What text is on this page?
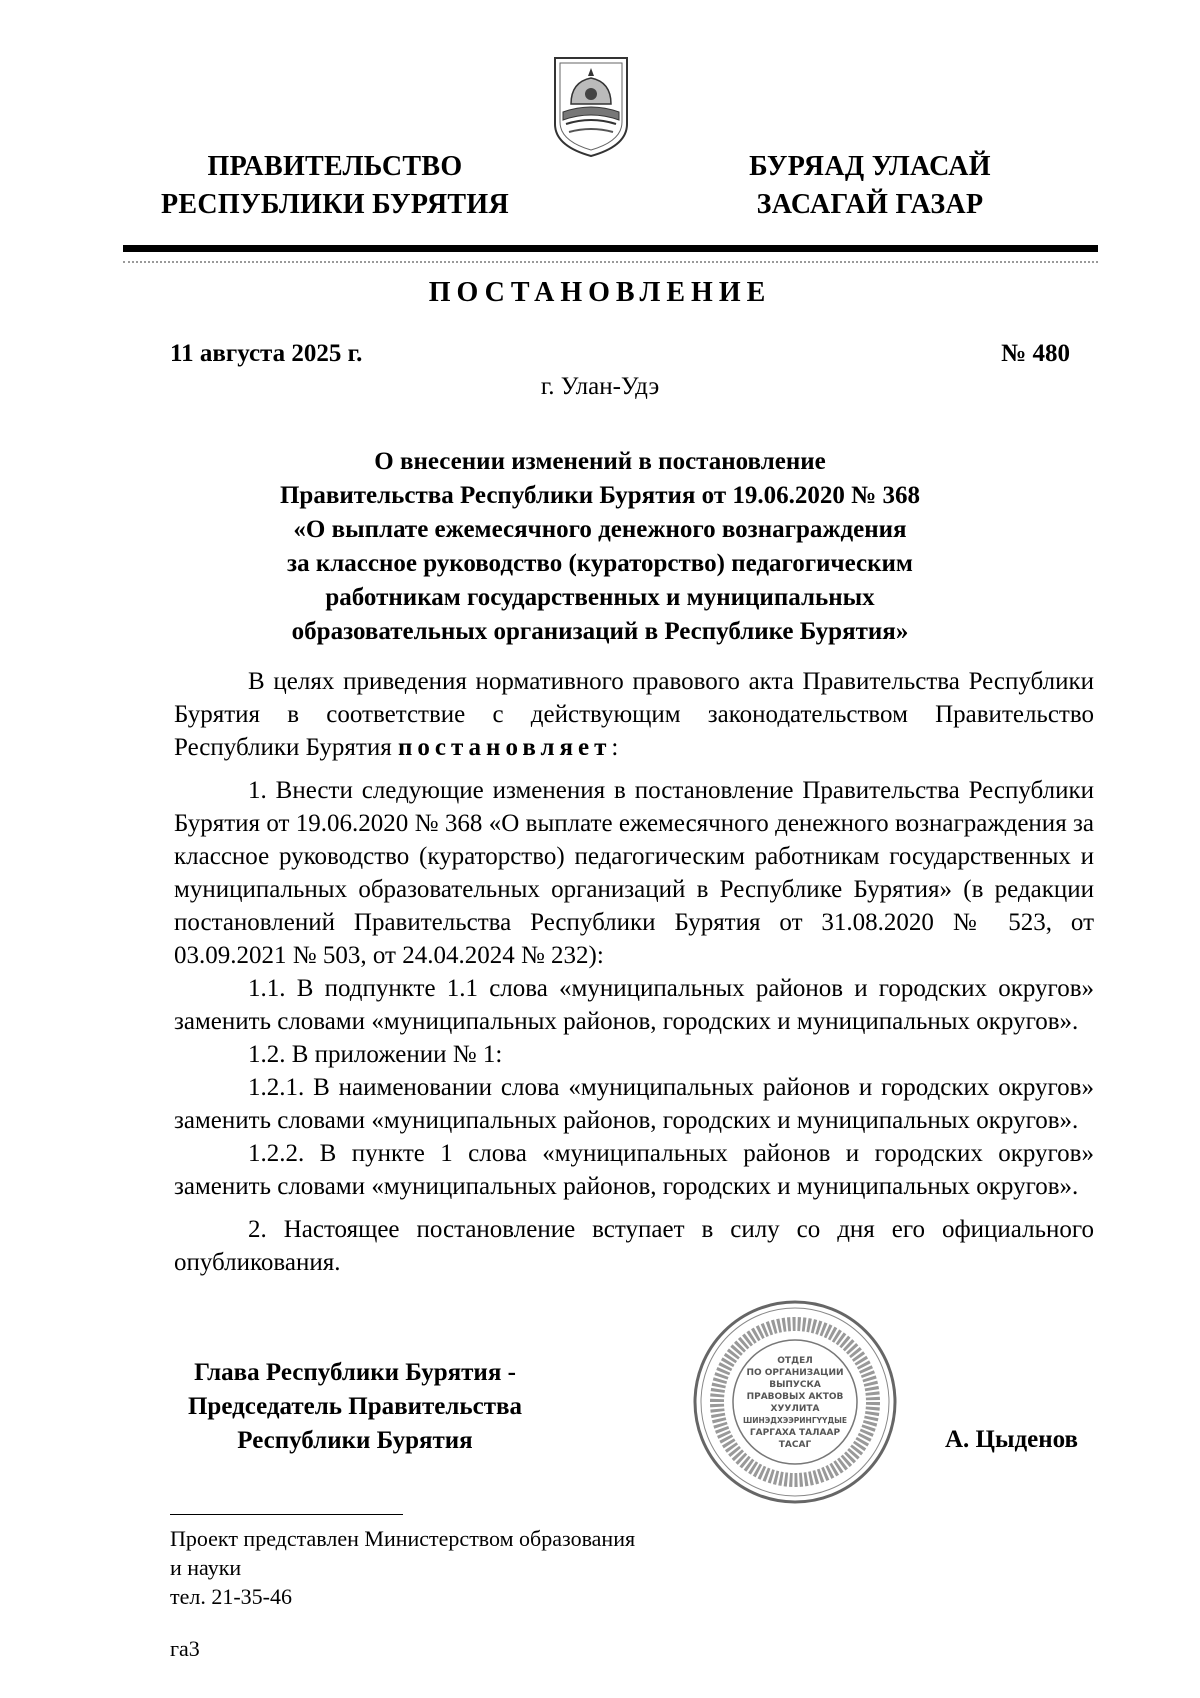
ПРАВИТЕЛЬСТВО
РЕСПУБЛИКИ БУРЯТИЯ
БУРЯАД УЛАСАЙ
ЗАСАГАЙ ГАЗАР
ПОСТАНОВЛЕНИЕ
11 августа 2025 г.	№ 480
г. Улан-Удэ
О внесении изменений в постановление
Правительства Республики Бурятия от 19.06.2020 № 368
«О выплате ежемесячного денежного вознаграждения
за классное руководство (кураторство) педагогическим
работникам государственных и муниципальных
образовательных организаций в Республике Бурятия»

В целях приведения нормативного правового акта Правительства Республики Бурятия в соответствие с действующим законодательством Правительство Республики Бурятия постановляет:

1. Внести следующие изменения в постановление Правительства Республики Бурятия от 19.06.2020 № 368 «О выплате ежемесячного денежного вознаграждения за классное руководство (кураторство) педагогическим работникам государственных и муниципальных образовательных организаций в Республике Бурятия» (в редакции постановлений Правительства Республики Бурятия от 31.08.2020 № 523, от 03.09.2021 № 503, от 24.04.2024 № 232):

1.1. В подпункте 1.1 слова «муниципальных районов и городских округов» заменить словами «муниципальных районов, городских и муниципальных округов».

1.2. В приложении № 1:

1.2.1. В наименовании слова «муниципальных районов и городских округов» заменить словами «муниципальных районов, городских и муниципальных округов».

1.2.2. В пункте 1 слова «муниципальных районов и городских округов» заменить словами «муниципальных районов, городских и муниципальных округов».

2. Настоящее постановление вступает в силу со дня его официального опубликования.

Глава Республики Бурятия -
Председатель Правительства
Республики Бурятия	А. Цыденов
ОТДЕЛ
ПО ОРГАНИЗАЦИИ
ВЫПУСКА
ПРАВОВЫХ АКТОВ
ХУУЛИТА
ШИНЭДХЭЭРИНГҮҮДЫЕ
ГАРГАХА ТАЛААР
ТАСАГ
Проект представлен Министерством образования
и науки
тел. 21-35-46
га3
